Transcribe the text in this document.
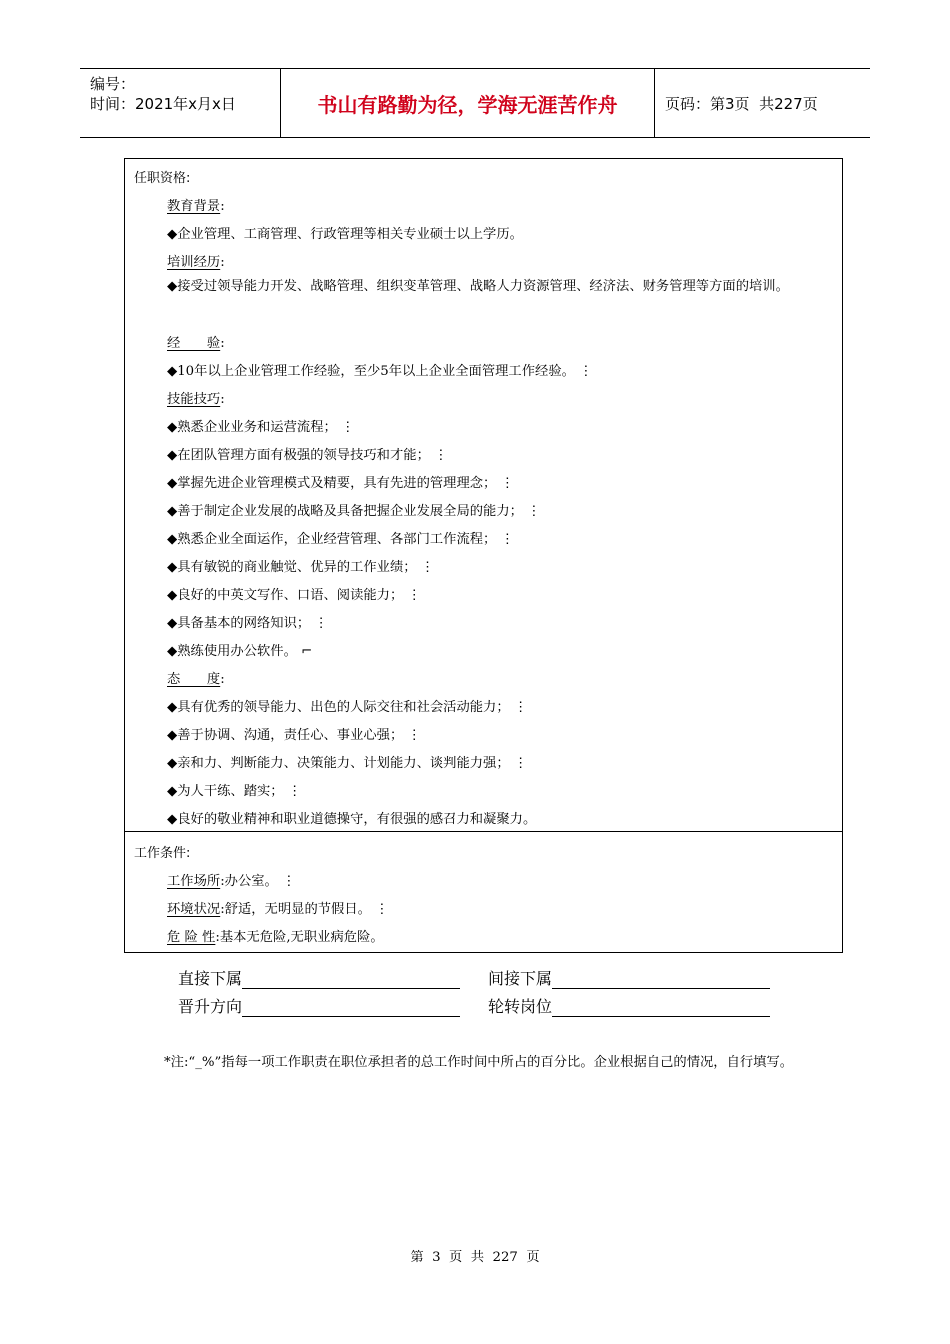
编号：
时间：2021年x月x日	书山有路勤为径，学海无涯苦作舟	页码：第3页  共227页
任职资格:
教育背景:
◆企业管理、工商管理、行政管理等相关专业硕士以上学历。
培训经历:
◆接受过领导能力开发、战略管理、组织变革管理、战略人力资源管理、经济法、财务管理等方面的培训。
经　　验:
◆10年以上企业管理工作经验，至少5年以上企业全面管理工作经验。 ⋮
技能技巧:
◆熟悉企业业务和运营流程； ⋮
◆在团队管理方面有极强的领导技巧和才能； ⋮
◆掌握先进企业管理模式及精要，具有先进的管理理念； ⋮
◆善于制定企业发展的战略及具备把握企业发展全局的能力； ⋮
◆熟悉企业全面运作，企业经营管理、各部门工作流程； ⋮
◆具有敏锐的商业触觉、优异的工作业绩； ⋮
◆良好的中英文写作、口语、阅读能力； ⋮
◆具备基本的网络知识； ⋮
◆熟练使用办公软件。 ⌐
态　　度:
◆具有优秀的领导能力、出色的人际交往和社会活动能力； ⋮
◆善于协调、沟通，责任心、事业心强； ⋮
◆亲和力、判断能力、决策能力、计划能力、谈判能力强； ⋮
◆为人干练、踏实； ⋮
◆良好的敬业精神和职业道德操守，有很强的感召力和凝聚力。
工作条件:
工作场所:办公室。 ⋮
环境状况:舒适，无明显的节假日。 ⋮
危 险 性:基本无危险,无职业病危险。
直接下属	间接下属
晋升方向	轮转岗位
*注:“_%”指每一项工作职责在职位承担者的总工作时间中所占的百分比。企业根据自己的情况，自行填写。
第  3  页  共  227  页
